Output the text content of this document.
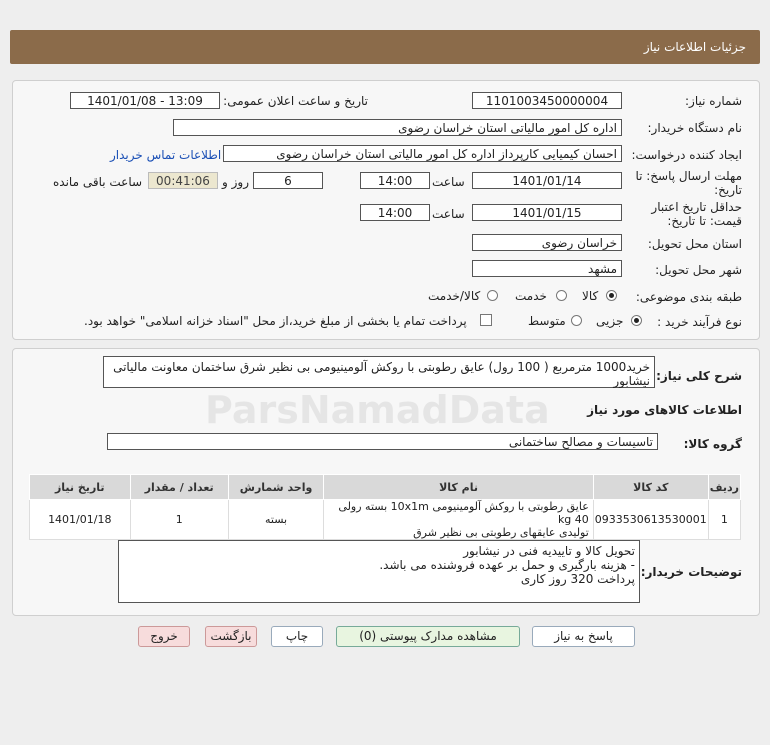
جزئیات اطلاعات نیاز
شماره نیاز:
1101003450000004
تاریخ و ساعت اعلان عمومی:
1401/01/08 - 13:09
نام دستگاه خریدار:
اداره کل امور مالیاتی استان خراسان رضوی
ایجاد کننده درخواست:
احسان کیمیایی کارپرداز اداره کل امور مالیاتی استان خراسان رضوی
اطلاعات تماس خریدار
مهلت ارسال پاسخ: تا
تاریخ:
1401/01/14
ساعت
14:00
6
روز و
00:41:06
ساعت باقی مانده
حداقل تاریخ اعتبار
قیمت: تا تاریخ:
1401/01/15
ساعت
14:00
استان محل تحویل:
خراسان رضوی
شهر محل تحویل:
مشهد
طبقه بندی موضوعی:
کالا
خدمت
کالا/خدمت
نوع فرآیند خرید :
جزیی
متوسط
پرداخت تمام یا بخشی از مبلغ خرید،از محل "اسناد خزانه اسلامی" خواهد بود.
ParsNamadData
شرح کلی نیاز:
خرید1000 مترمربع ( 100 رول) عایق رطوبتی با روکش آلومینیومی بی نظیر شرق ساختمان معاونت مالیاتی نیشابور
اطلاعات کالاهای مورد نیاز
گروه کالا:
تاسیسات و مصالح ساختمانی
ردیف	کد کالا	نام کالا	واحد شمارش	تعداد / مقدار	تاریخ نیاز
1	0933530613530001	عایق رطوبتی با روکش آلومینیومی 10x1m بسته رولی 40 kg
تولیدی عایقهای رطوبتی بی نظیر شرق	بسته	1	1401/01/18
توضیحات خریدار:
تحویل کالا و تاییدیه فنی در نیشابور
- هزینه بارگیری و حمل بر عهده فروشنده می باشد.
پرداخت 320 روز کاری
پاسخ به نیاز
مشاهده مدارک پیوستی (0)
چاپ
بازگشت
خروج
